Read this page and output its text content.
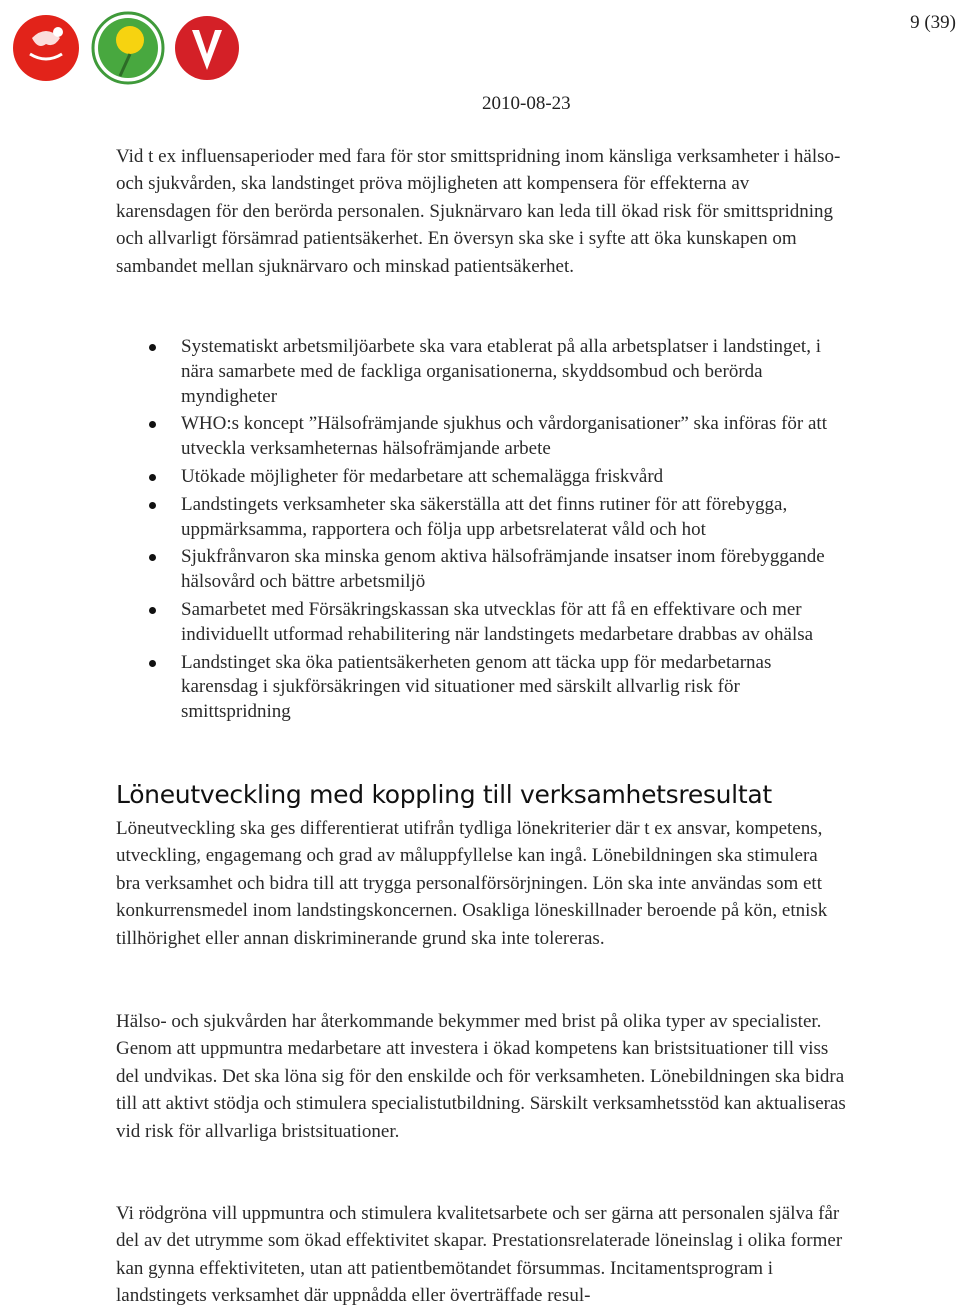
9 (39)
2010-08-23

Vid t ex influensaperioder med fara för stor smittspridning inom känsliga verksamheter i hälso- och sjukvården, ska landstinget pröva möjligheten att kompensera för effekterna av karensdagen för den berörda personalen. Sjuknärvaro kan leda till ökad risk för smittspridning och allvarligt försämrad patientsäkerhet. En översyn ska ske i syfte att öka kunskapen om sambandet mellan sjuknärvaro och minskad patientsäkerhet.

Systematiskt arbetsmiljöarbete ska vara etablerat på alla arbetsplatser i landstinget, i nära samarbete med de fackliga organisationerna, skyddsombud och berörda myndigheter
WHO:s koncept ”Hälsofrämjande sjukhus och vårdorganisationer” ska införas för att utveckla verksamheternas hälsofrämjande arbete
Utökade möjligheter för medarbetare att schemalägga friskvård
Landstingets verksamheter ska säkerställa att det finns rutiner för att förebygga, uppmärksamma, rapportera och följa upp arbetsrelaterat våld och hot
Sjukfrånvaron ska minska genom aktiva hälsofrämjande insatser inom förebyggande hälsovård och bättre arbetsmiljö
Samarbetet med Försäkringskassan ska utvecklas för att få en effektivare och mer individuellt utformad rehabilitering när landstingets medarbetare drabbas av ohälsa
Landstinget ska öka patientsäkerheten genom att täcka upp för medarbetarnas karensdag i sjukförsäkringen vid situationer med särskilt allvarlig risk för smittspridning
Löneutveckling med koppling till verksamhetsresultat

Löneutveckling ska ges differentierat utifrån tydliga lönekriterier där t ex ansvar, kompetens, utveckling, engagemang och grad av måluppfyllelse kan ingå. Lönebildningen ska stimulera bra verksamhet och bidra till att trygga personalförsörjningen. Lön ska inte användas som ett konkurrensmedel inom landstingskoncernen. Osakliga löneskillnader beroende på kön, etnisk tillhörighet eller annan diskriminerande grund ska inte tolereras.

Hälso- och sjukvården har återkommande bekymmer med brist på olika typer av specialister. Genom att uppmuntra medarbetare att investera i ökad kompetens kan bristsituationer till viss del undvikas. Det ska löna sig för den enskilde och för verksamheten. Lönebildningen ska bidra till att aktivt stödja och stimulera specialistutbildning. Särskilt verksamhetsstöd kan aktualiseras vid risk för allvarliga bristsituationer.

Vi rödgröna vill uppmuntra och stimulera kvalitetsarbete och ser gärna att personalen själva får del av det utrymme som ökad effektivitet skapar. Prestationsrelaterade löneinslag i olika former kan gynna effektiviteten, utan att patientbemötandet försummas. Incitamentsprogram i landstingets verksamhet där uppnådda eller överträffade resul-
